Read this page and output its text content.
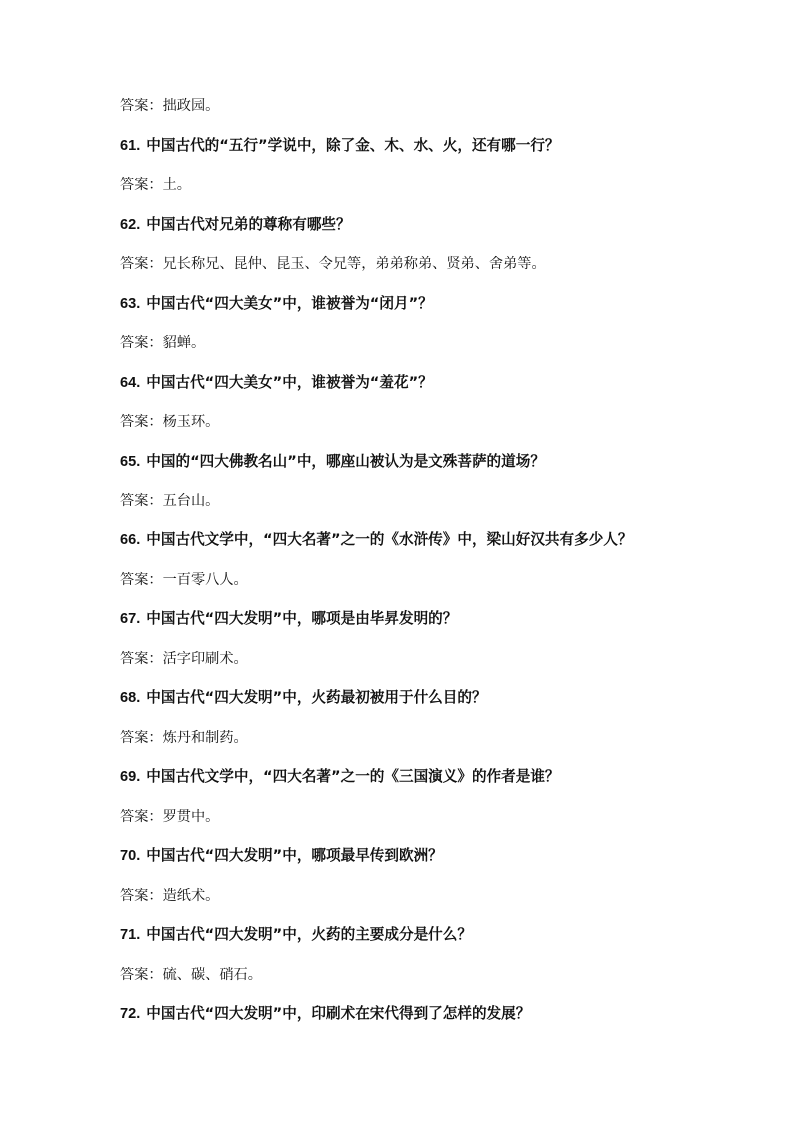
答案：拙政园。
61. 中国古代的“五行”学说中，除了金、木、水、火，还有哪一行？
答案：土。
62. 中国古代对兄弟的尊称有哪些？
答案：兄长称兄、昆仲、昆玉、令兄等，弟弟称弟、贤弟、舍弟等。
63. 中国古代“四大美女”中，谁被誉为“闭月”？
答案：貂蝉。
64. 中国古代“四大美女”中，谁被誉为“羞花”？
答案：杨玉环。
65. 中国的“四大佛教名山”中，哪座山被认为是文殊菩萨的道场？
答案：五台山。
66. 中国古代文学中，“四大名著”之一的《水浒传》中，梁山好汉共有多少人？
答案：一百零八人。
67. 中国古代“四大发明”中，哪项是由毕昇发明的？
答案：活字印刷术。
68. 中国古代“四大发明”中，火药最初被用于什么目的？
答案：炼丹和制药。
69. 中国古代文学中，“四大名著”之一的《三国演义》的作者是谁？
答案：罗贯中。
70. 中国古代“四大发明”中，哪项最早传到欧洲？
答案：造纸术。
71. 中国古代“四大发明”中，火药的主要成分是什么？
答案：硫、碳、硝石。
72. 中国古代“四大发明”中，印刷术在宋代得到了怎样的发展？
